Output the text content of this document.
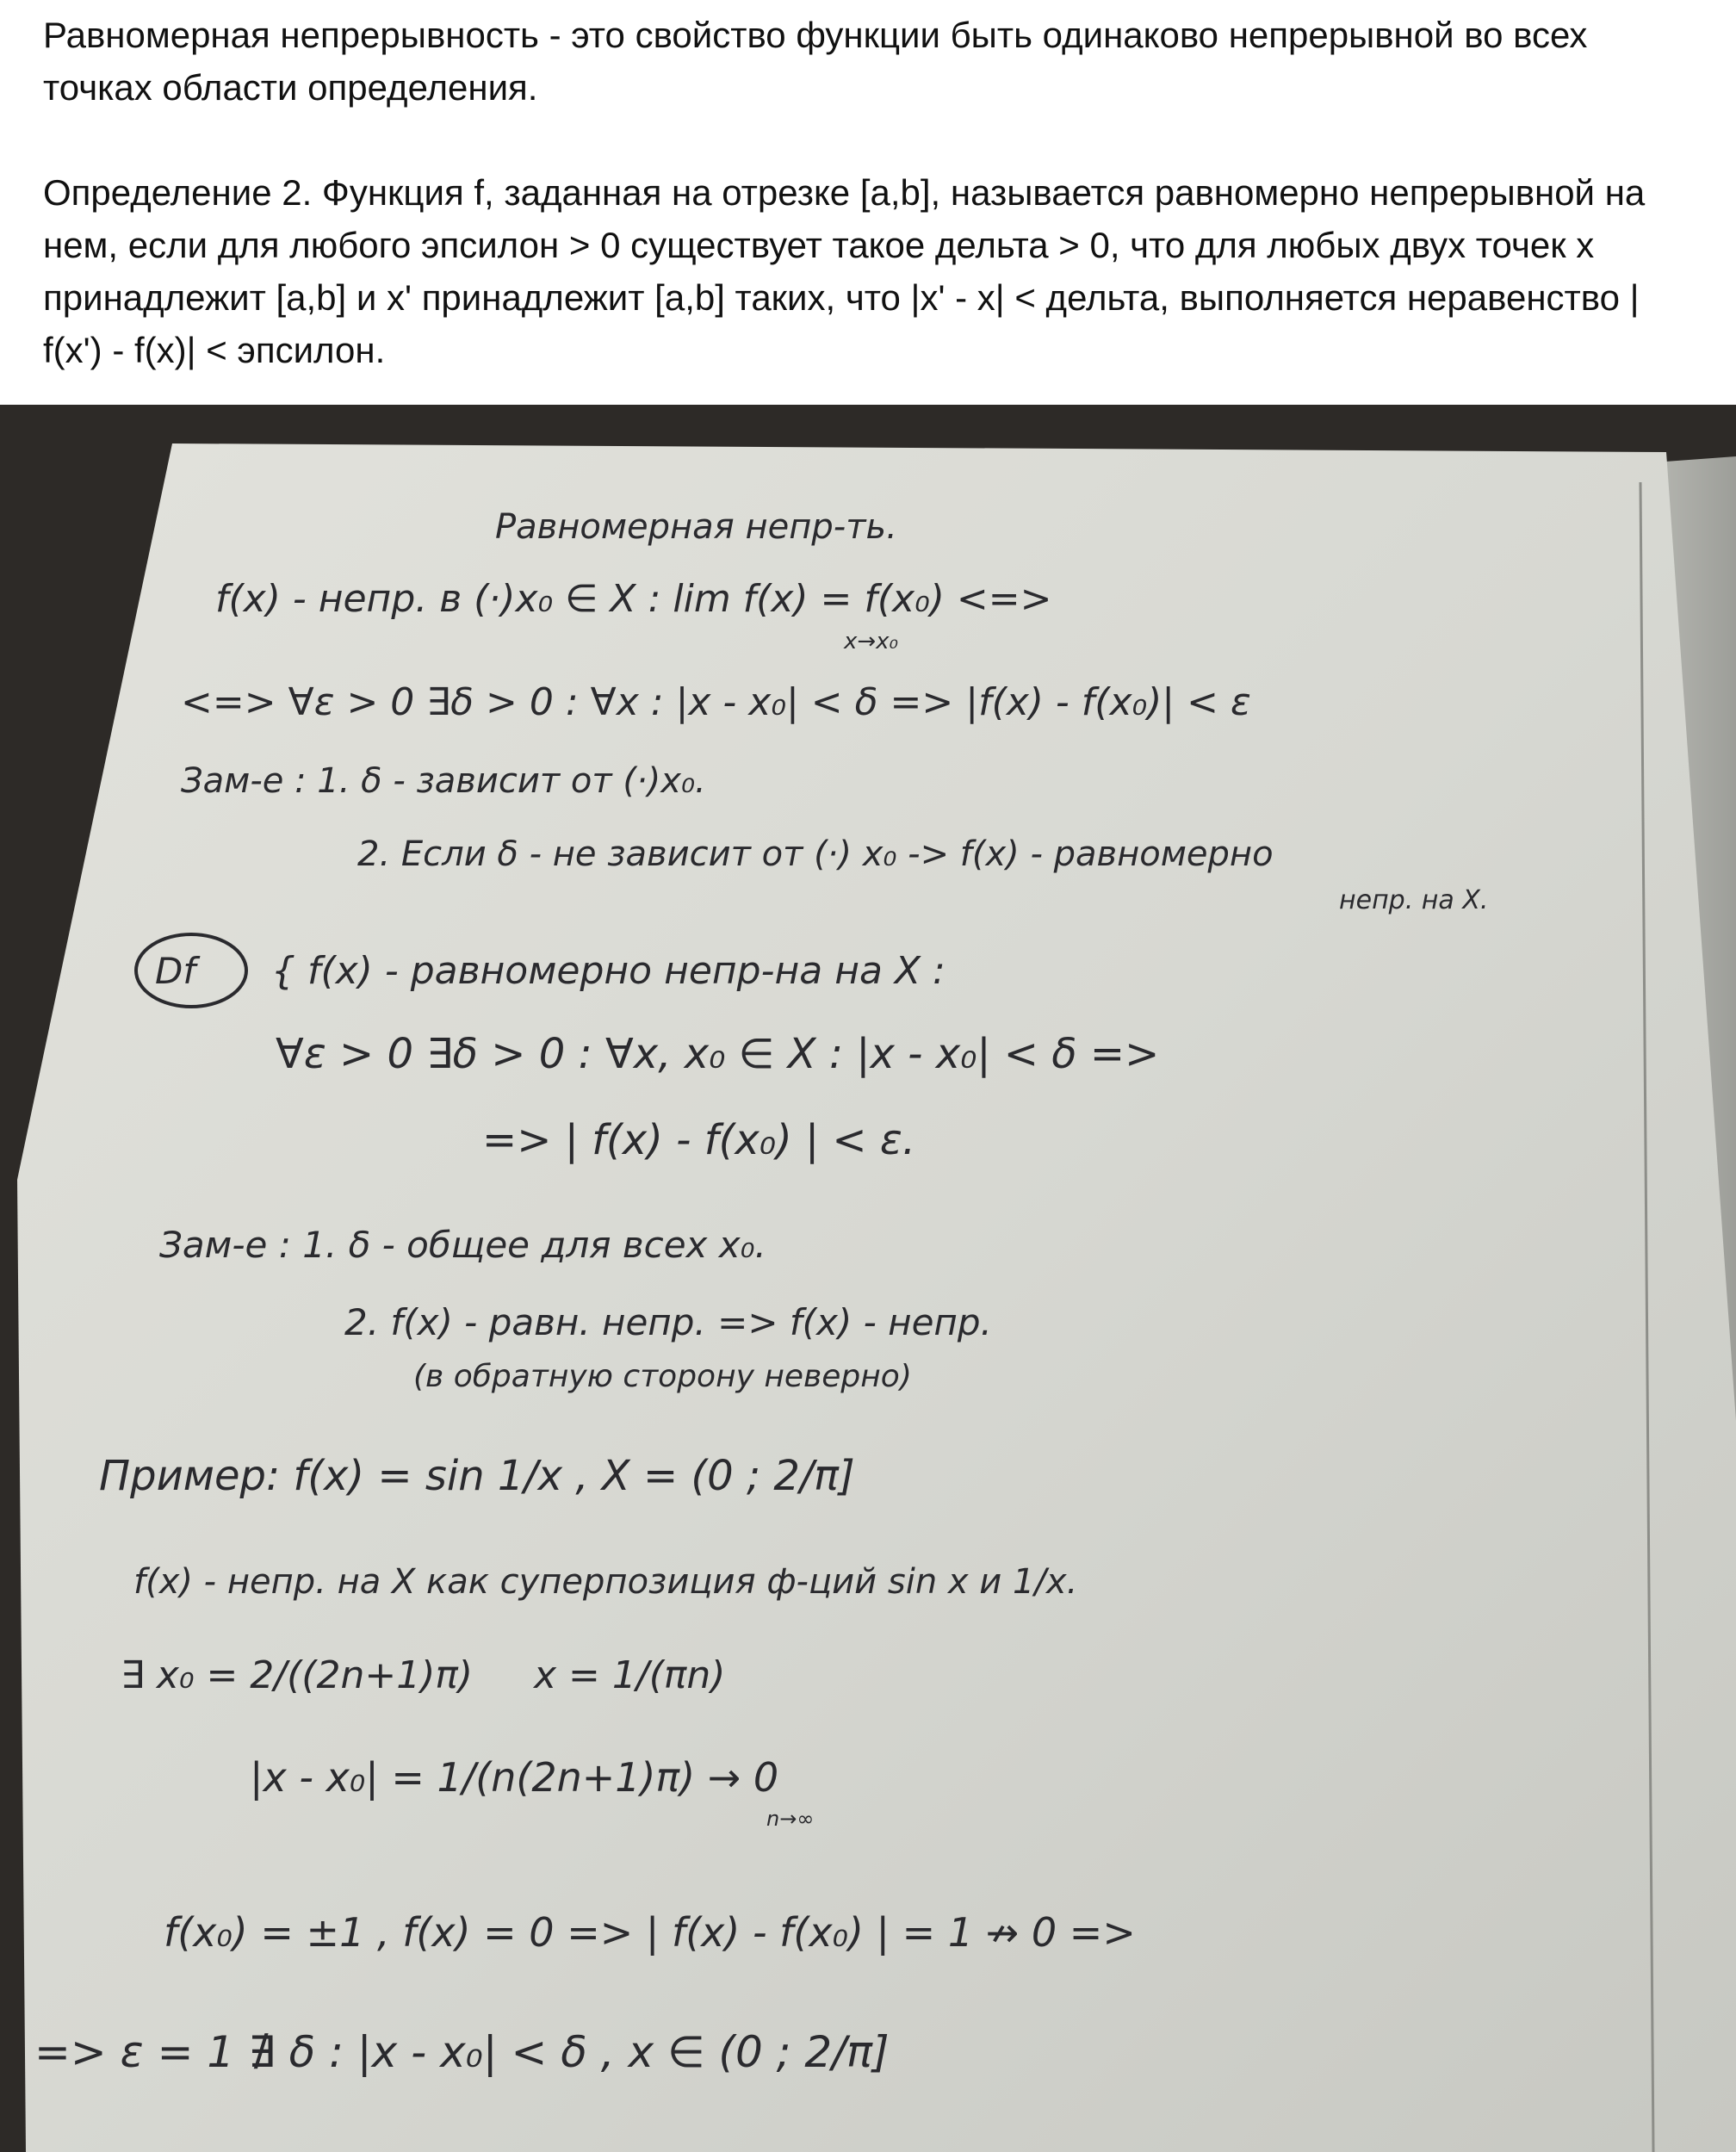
Равномерная непрерывность - это свойство функции быть одинаково непрерывной во всех точках области определения.

Определение 2. Функция f, заданная на отрезке [a,b], называется равномерно непрерывной на нем, если для любого эпсилон > 0 существует такое дельта > 0, что для любых двух точек x принадлежит [a,b] и x' принадлежит [a,b] таких, что |x' - x| < дельта, выполняется неравенство | f(x') - f(x)| < эпсилон.

Равномерная непр-ть.
f(x) - непр. в (·)x₀ ∈ X : lim f(x) = f(x₀) <=>
x→x₀
<=> ∀ε > 0 ∃δ > 0 : ∀x : |x - x₀| < δ => |f(x) - f(x₀)| < ε
Зам-е : 1. δ - зависит от (·)x₀.
2. Если δ - не зависит от (·) x₀ -> f(x) - равномерно
непр. на X.
Df { f(x) - равномерно непр-на на X :
∀ε > 0 ∃δ > 0 : ∀x, x₀ ∈ X : |x - x₀| < δ =>
=> | f(x) - f(x₀) | < ε.
Зам-е : 1. δ - общее для всех x₀.
2. f(x) - равн. непр. => f(x) - непр.
(в обратную сторону неверно)
Пример: f(x) = sin 1/x , X = (0 ; 2/π]
f(x) - непр. на X как суперпозиция ф-ций sin x и 1/x.
∃ x₀ = 2/((2n+1)π) x = 1/(πn)
|x - x₀| = 1/(n(2n+1)π) → 0
n→∞
f(x₀) = ±1 , f(x) = 0 => | f(x) - f(x₀) | = 1 ↛ 0 =>
=> ε = 1 ∄ δ : |x - x₀| < δ , x ∈ (0 ; 2/π]
